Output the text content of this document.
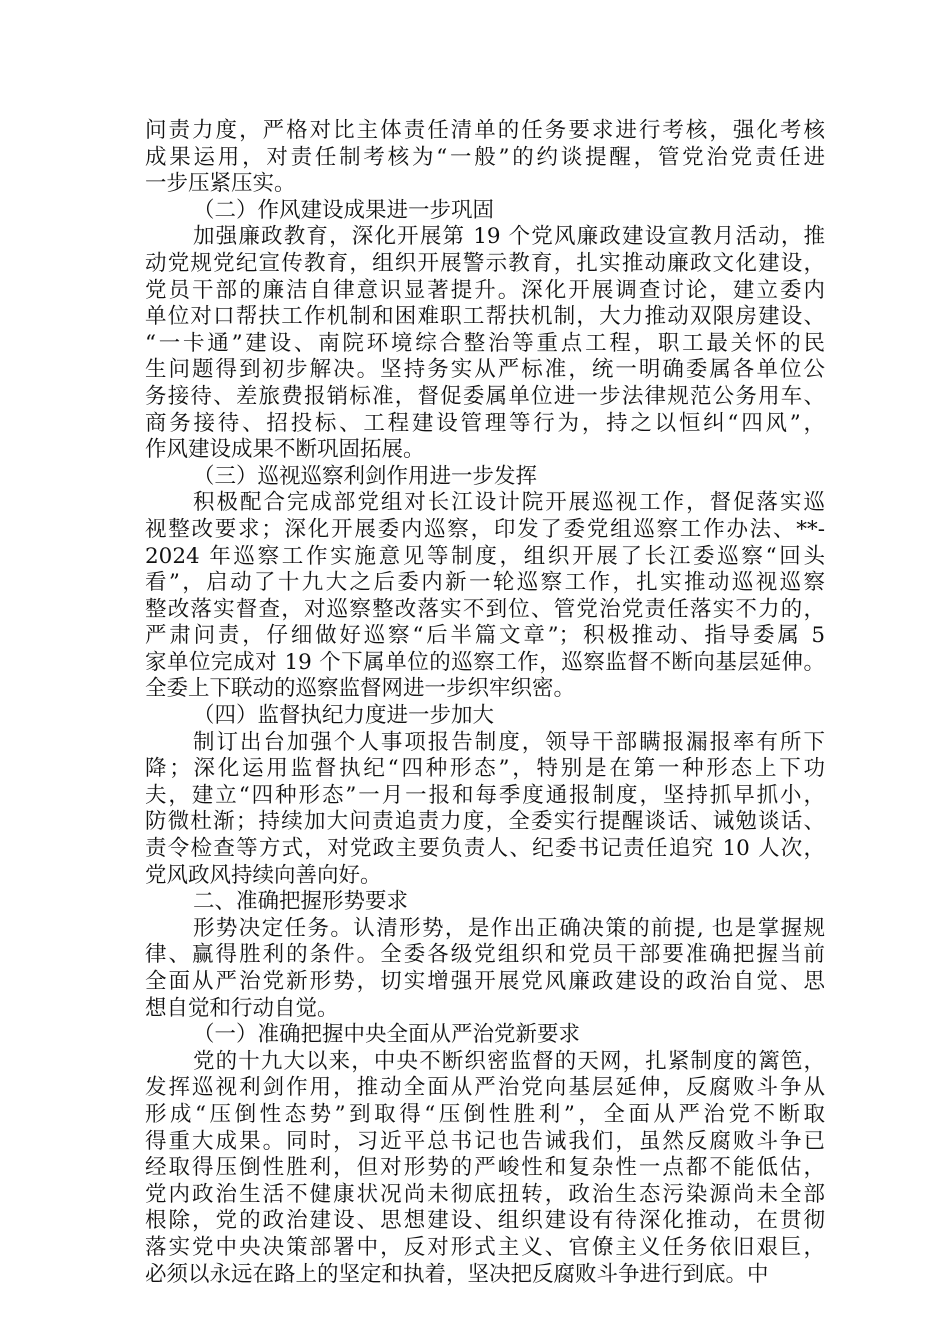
问责力度，严格对比主体责任清单的任务要求进行考核，强化考核
成果运用，对责任制考核为“一般”的约谈提醒，管党治党责任进
一步压紧压实。
（二）作风建设成果进一步巩固
加强廉政教育，深化开展第 19 个党风廉政建设宣教月活动，推
动党规党纪宣传教育，组织开展警示教育，扎实推动廉政文化建设，
党员干部的廉洁自律意识显著提升。深化开展调查讨论，建立委内
单位对口帮扶工作机制和困难职工帮扶机制，大力推动双限房建设、
“一卡通”建设、南院环境综合整治等重点工程，职工最关怀的民
生问题得到初步解决。坚持务实从严标准，统一明确委属各单位公
务接待、差旅费报销标准，督促委属单位进一步法律规范公务用车、
商务接待、招投标、工程建设管理等行为，持之以恒纠“四风”，
作风建设成果不断巩固拓展。
（三）巡视巡察利剑作用进一步发挥
积极配合完成部党组对长江设计院开展巡视工作，督促落实巡
视整改要求；深化开展委内巡察，印发了委党组巡察工作办法、**-
2024 年巡察工作实施意见等制度，组织开展了长江委巡察“回头
看”，启动了十九大之后委内新一轮巡察工作，扎实推动巡视巡察
整改落实督查，对巡察整改落实不到位、管党治党责任落实不力的，
严肃问责，仔细做好巡察“后半篇文章”；积极推动、指导委属 5
家单位完成对 19 个下属单位的巡察工作，巡察监督不断向基层延伸。
全委上下联动的巡察监督网进一步织牢织密。
（四）监督执纪力度进一步加大
制订出台加强个人事项报告制度，领导干部瞒报漏报率有所下
降；深化运用监督执纪“四种形态”，特别是在第一种形态上下功
夫，建立“四种形态”一月一报和每季度通报制度，坚持抓早抓小，
防微杜渐；持续加大问责追责力度，全委实行提醒谈话、诫勉谈话、
责令检查等方式，对党政主要负责人、纪委书记责任追究 10 人次，
党风政风持续向善向好。
二、准确把握形势要求
形势决定任务。认清形势，是作出正确决策的前提, 也是掌握规
律、赢得胜利的条件。全委各级党组织和党员干部要准确把握当前
全面从严治党新形势，切实增强开展党风廉政建设的政治自觉、思
想自觉和行动自觉。
（一）准确把握中央全面从严治党新要求
党的十九大以来，中央不断织密监督的天网，扎紧制度的篱笆，
发挥巡视利剑作用，推动全面从严治党向基层延伸，反腐败斗争从
形成“压倒性态势”到取得“压倒性胜利”，全面从严治党不断取
得重大成果。同时，习近平总书记也告诫我们，虽然反腐败斗争已
经取得压倒性胜利，但对形势的严峻性和复杂性一点都不能低估，
党内政治生活不健康状况尚未彻底扭转，政治生态污染源尚未全部
根除，党的政治建设、思想建设、组织建设有待深化推动，在贯彻
落实党中央决策部署中，反对形式主义、官僚主义任务依旧艰巨，
必须以永远在路上的坚定和执着，坚决把反腐败斗争进行到底。中
